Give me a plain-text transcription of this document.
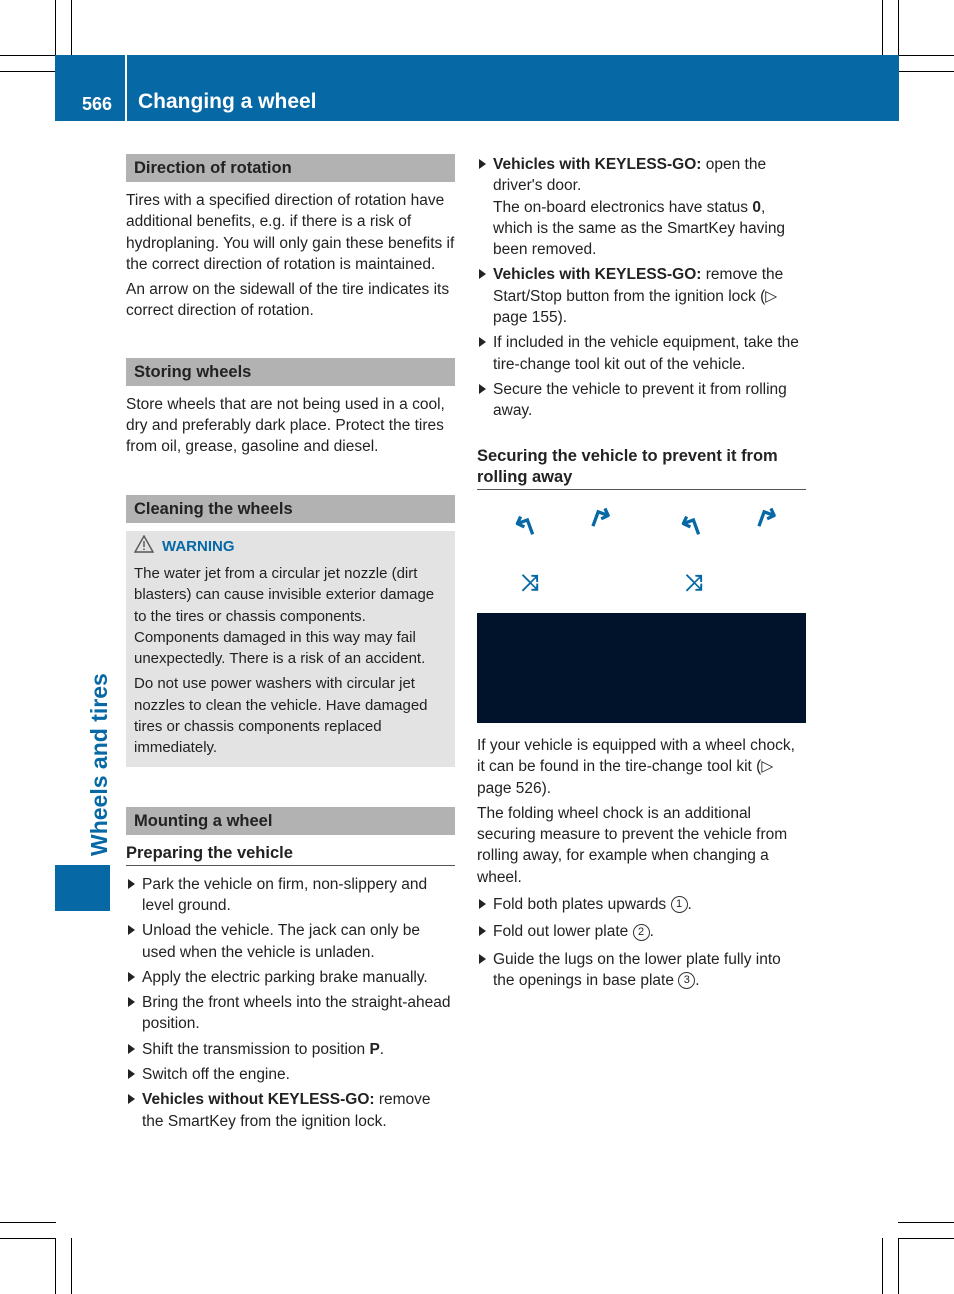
566 Changing a wheel
Wheels and tires
Direction of rotation

Tires with a specified direction of rotation have additional benefits, e.g. if there is a risk of hydroplaning. You will only gain these benefits if the correct direction of rotation is maintained.

An arrow on the sidewall of the tire indicates its correct direction of rotation.

Storing wheels

Store wheels that are not being used in a cool, dry and preferably dark place. Protect the tires from oil, grease, gasoline and diesel.

Cleaning the wheels
WARNING

The water jet from a circular jet nozzle (dirt blasters) can cause invisible exterior damage to the tires or chassis components. Components damaged in this way may fail unexpectedly. There is a risk of an accident.

Do not use power washers with circular jet nozzles to clean the vehicle. Have damaged tires or chassis components replaced immediately.

Mounting a wheel
Preparing the vehicle
Park the vehicle on firm, non-slippery and level ground.
Unload the vehicle. The jack can only be used when the vehicle is unladen.
Apply the electric parking brake manually.
Bring the front wheels into the straight-ahead position.
Shift the transmission to position P.
Switch off the engine.
Vehicles without KEYLESS-GO: remove the SmartKey from the ignition lock.
Vehicles with KEYLESS-GO: open the driver's door.
The on-board electronics have status 0, which is the same as the SmartKey having been removed.
Vehicles with KEYLESS-GO: remove the Start/Stop button from the ignition lock (▷ page 155).
If included in the vehicle equipment, take the tire-change tool kit out of the vehicle.
Secure the vehicle to prevent it from rolling away.
Securing the vehicle to prevent it from rolling away
↰ ↱ ↰ ↱
⤨	⤨

If your vehicle is equipped with a wheel chock, it can be found in the tire-change tool kit (▷ page 526).

The folding wheel chock is an additional securing measure to prevent the vehicle from rolling away, for example when changing a wheel.

Fold both plates upwards 1 .
Fold out lower plate 2 .
Guide the lugs on the lower plate fully into the openings in base plate 3 .
